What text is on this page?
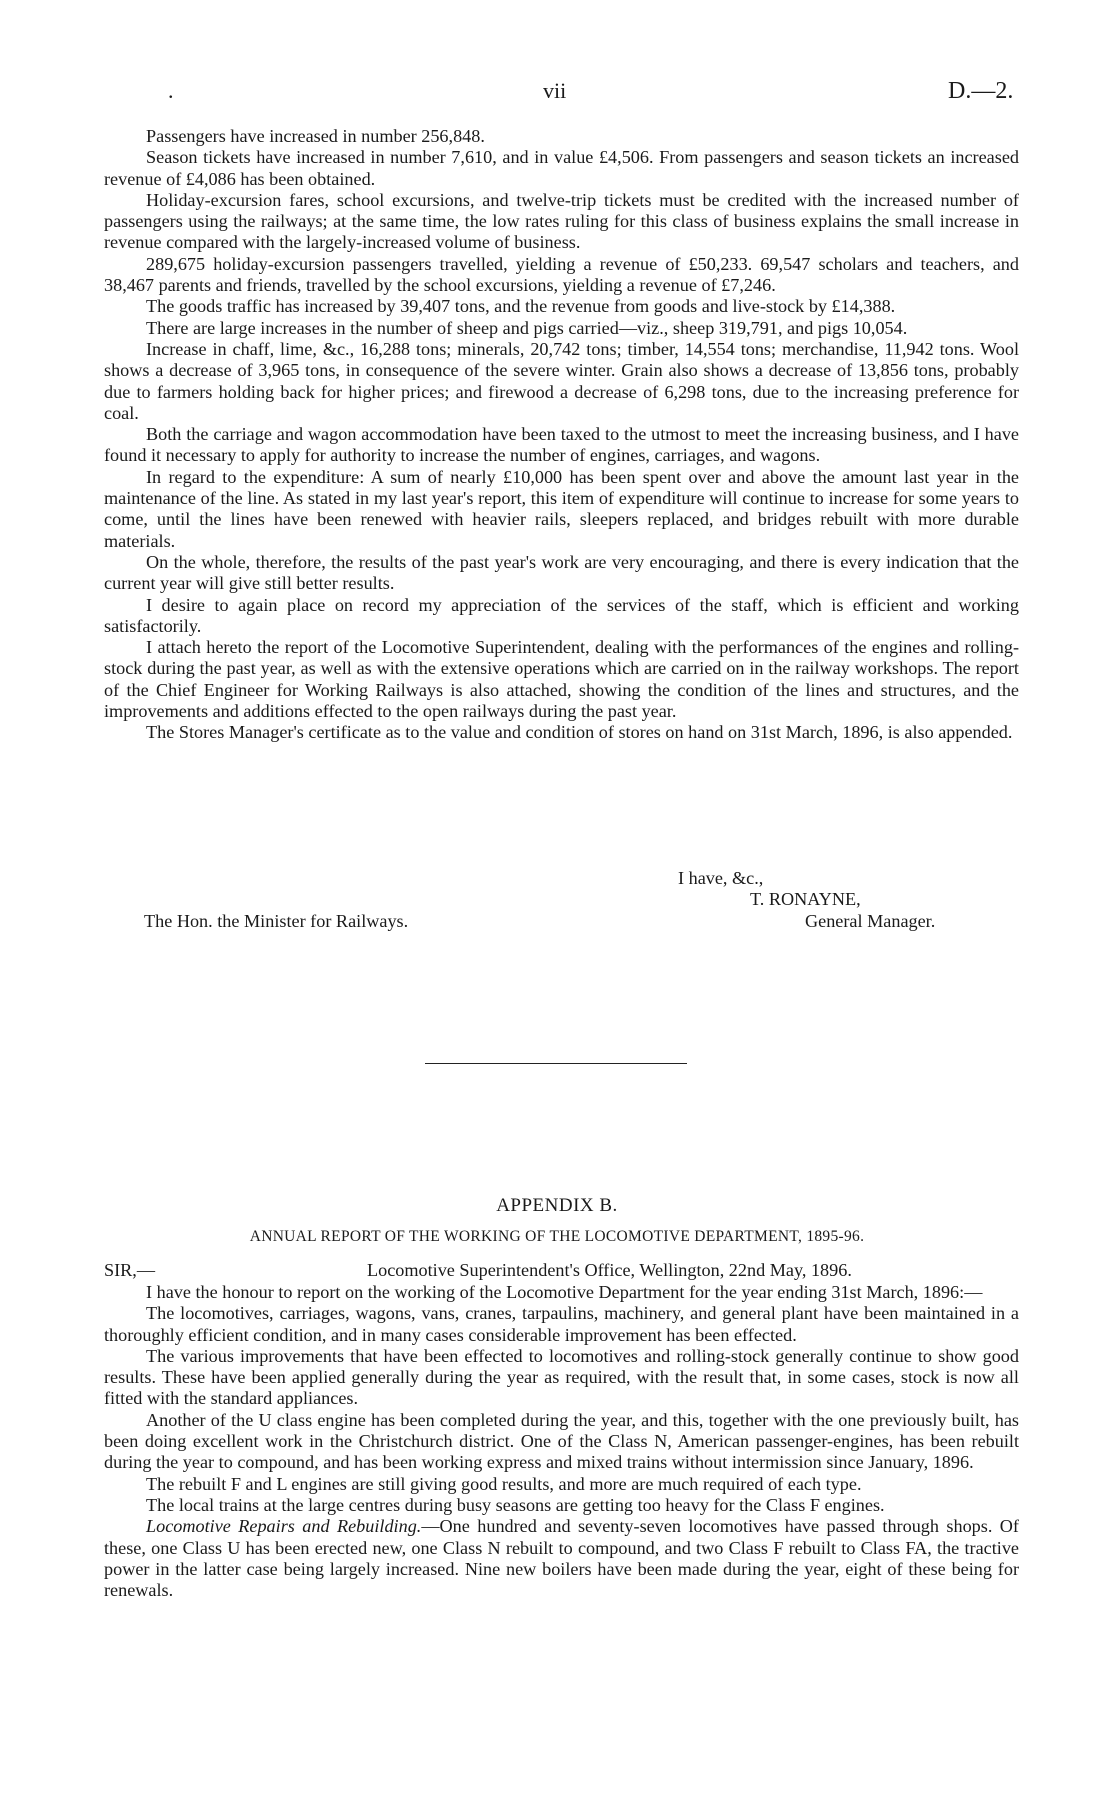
.	vii	D.—2.

Passengers have increased in number 256,848.

Season tickets have increased in number 7,610, and in value £4,506. From passengers and season tickets an increased revenue of £4,086 has been obtained.

Holiday-excursion fares, school excursions, and twelve-trip tickets must be credited with the increased number of passengers using the railways; at the same time, the low rates ruling for this class of business explains the small increase in revenue compared with the largely-increased volume of business.

289,675 holiday-excursion passengers travelled, yielding a revenue of £50,233. 69,547 scholars and teachers, and 38,467 parents and friends, travelled by the school excursions, yielding a revenue of £7,246.

The goods traffic has increased by 39,407 tons, and the revenue from goods and live-stock by £14,388.

There are large increases in the number of sheep and pigs carried—viz., sheep 319,791, and pigs 10,054.

Increase in chaff, lime, &c., 16,288 tons; minerals, 20,742 tons; timber, 14,554 tons; merchandise, 11,942 tons. Wool shows a decrease of 3,965 tons, in consequence of the severe winter. Grain also shows a decrease of 13,856 tons, probably due to farmers holding back for higher prices; and firewood a decrease of 6,298 tons, due to the increasing preference for coal.

Both the carriage and wagon accommodation have been taxed to the utmost to meet the increasing business, and I have found it necessary to apply for authority to increase the number of engines, carriages, and wagons.

In regard to the expenditure: A sum of nearly £10,000 has been spent over and above the amount last year in the maintenance of the line. As stated in my last year's report, this item of expenditure will continue to increase for some years to come, until the lines have been renewed with heavier rails, sleepers replaced, and bridges rebuilt with more durable materials.

On the whole, therefore, the results of the past year's work are very encouraging, and there is every indication that the current year will give still better results.

I desire to again place on record my appreciation of the services of the staff, which is efficient and working satisfactorily.

I attach hereto the report of the Locomotive Superintendent, dealing with the performances of the engines and rolling-stock during the past year, as well as with the extensive operations which are carried on in the railway workshops. The report of the Chief Engineer for Working Railways is also attached, showing the condition of the lines and structures, and the improvements and additions effected to the open railways during the past year.

The Stores Manager's certificate as to the value and condition of stores on hand on 31st March, 1896, is also appended.

I have, &c.,
T. RONAYNE,
The Hon. the Minister for Railways.	General Manager.
APPENDIX B.
ANNUAL REPORT OF THE WORKING OF THE LOCOMOTIVE DEPARTMENT, 1895-96.
SIR,—	Locomotive Superintendent's Office, Wellington, 22nd May, 1896.

I have the honour to report on the working of the Locomotive Department for the year ending 31st March, 1896:—

The locomotives, carriages, wagons, vans, cranes, tarpaulins, machinery, and general plant have been maintained in a thoroughly efficient condition, and in many cases considerable improvement has been effected.

The various improvements that have been effected to locomotives and rolling-stock generally continue to show good results. These have been applied generally during the year as required, with the result that, in some cases, stock is now all fitted with the standard appliances.

Another of the U class engine has been completed during the year, and this, together with the one previously built, has been doing excellent work in the Christchurch district. One of the Class N, American passenger-engines, has been rebuilt during the year to compound, and has been working express and mixed trains without intermission since January, 1896.

The rebuilt F and L engines are still giving good results, and more are much required of each type.

The local trains at the large centres during busy seasons are getting too heavy for the Class F engines.

Locomotive Repairs and Rebuilding.—One hundred and seventy-seven locomotives have passed through shops. Of these, one Class U has been erected new, one Class N rebuilt to compound, and two Class F rebuilt to Class FA, the tractive power in the latter case being largely increased. Nine new boilers have been made during the year, eight of these being for renewals.
